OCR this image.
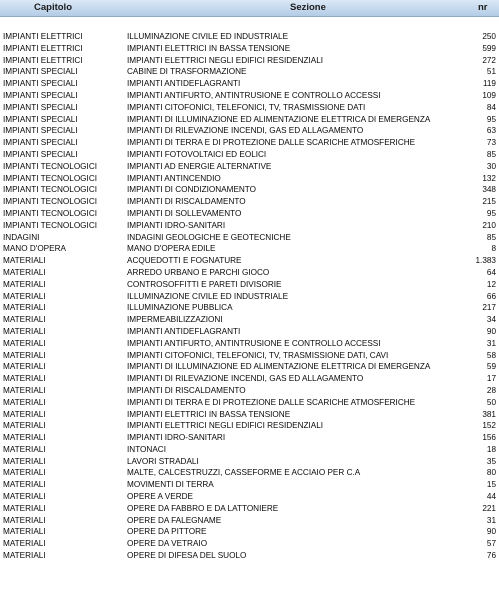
Capitolo	Sezione	nr
IMPIANTI ELETTRICI	ILLUMINAZIONE CIVILE ED INDUSTRIALE	250
IMPIANTI ELETTRICI	IMPIANTI ELETTRICI IN BASSA TENSIONE	599
IMPIANTI ELETTRICI	IMPIANTI ELETTRICI NEGLI EDIFICI RESIDENZIALI	272
IMPIANTI SPECIALI	CABINE DI TRASFORMAZIONE	51
IMPIANTI SPECIALI	IMPIANTI ANTIDEFLAGRANTI	119
IMPIANTI SPECIALI	IMPIANTI ANTIFURTO, ANTINTRUSIONE E CONTROLLO ACCESSI	109
IMPIANTI SPECIALI	IMPIANTI CITOFONICI, TELEFONICI, TV, TRASMISSIONE DATI	84
IMPIANTI SPECIALI	IMPIANTI DI ILLUMINAZIONE ED ALIMENTAZIONE ELETTRICA DI EMERGENZA	95
IMPIANTI SPECIALI	IMPIANTI DI RILEVAZIONE INCENDI, GAS ED ALLAGAMENTO	63
IMPIANTI SPECIALI	IMPIANTI DI TERRA E DI PROTEZIONE DALLE SCARICHE ATMOSFERICHE	73
IMPIANTI SPECIALI	IMPIANTI FOTOVOLTAICI ED EOLICI	85
IMPIANTI TECNOLOGICI	IMPIANTI AD ENERGIE ALTERNATIVE	30
IMPIANTI TECNOLOGICI	IMPIANTI ANTINCENDIO	132
IMPIANTI TECNOLOGICI	IMPIANTI DI CONDIZIONAMENTO	348
IMPIANTI TECNOLOGICI	IMPIANTI DI RISCALDAMENTO	215
IMPIANTI TECNOLOGICI	IMPIANTI DI SOLLEVAMENTO	95
IMPIANTI TECNOLOGICI	IMPIANTI IDRO-SANITARI	210
INDAGINI	INDAGINI GEOLOGICHE E GEOTECNICHE	85
MANO D'OPERA	MANO D'OPERA EDILE	8
MATERIALI	ACQUEDOTTI E FOGNATURE	1.383
MATERIALI	ARREDO URBANO E PARCHI GIOCO	64
MATERIALI	CONTROSOFFITTI E PARETI DIVISORIE	12
MATERIALI	ILLUMINAZIONE CIVILE ED INDUSTRIALE	66
MATERIALI	ILLUMINAZIONE PUBBLICA	217
MATERIALI	IMPERMEABILIZZAZIONI	34
MATERIALI	IMPIANTI ANTIDEFLAGRANTI	90
MATERIALI	IMPIANTI ANTIFURTO, ANTINTRUSIONE E CONTROLLO ACCESSI	31
MATERIALI	IMPIANTI CITOFONICI, TELEFONICI, TV, TRASMISSIONE DATI, CAVI	58
MATERIALI	IMPIANTI DI ILLUMINAZIONE ED ALIMENTAZIONE ELETTRICA DI EMERGENZA	59
MATERIALI	IMPIANTI DI RILEVAZIONE INCENDI, GAS ED ALLAGAMENTO	17
MATERIALI	IMPIANTI DI RISCALDAMENTO	28
MATERIALI	IMPIANTI DI TERRA E DI PROTEZIONE DALLE SCARICHE ATMOSFERICHE	50
MATERIALI	IMPIANTI ELETTRICI IN BASSA TENSIONE	381
MATERIALI	IMPIANTI ELETTRICI NEGLI EDIFICI RESIDENZIALI	152
MATERIALI	IMPIANTI IDRO-SANITARI	156
MATERIALI	INTONACI	18
MATERIALI	LAVORI STRADALI	35
MATERIALI	MALTE, CALCESTRUZZI, CASSEFORME E ACCIAIO PER C.A	80
MATERIALI	MOVIMENTI DI TERRA	15
MATERIALI	OPERE A VERDE	44
MATERIALI	OPERE DA FABBRO E DA LATTONIERE	221
MATERIALI	OPERE DA FALEGNAME	31
MATERIALI	OPERE DA PITTORE	90
MATERIALI	OPERE DA VETRAIO	57
MATERIALI	OPERE DI DIFESA DEL SUOLO	76
